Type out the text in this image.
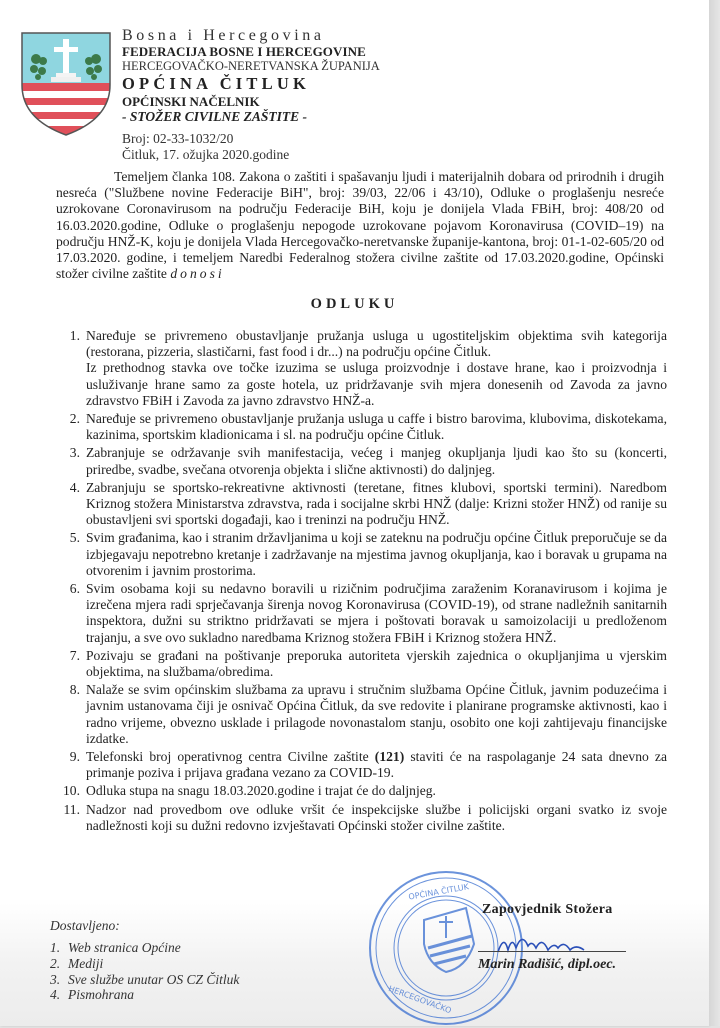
Bosna i Hercegovina
FEDERACIJA BOSNE I HERCEGOVINE
HERCEGOVAČKO-NERETVANSKA ŽUPANIJA
OPĆINA ČITLUK
OPĆINSKI NAČELNIK
- STOŽER CIVILNE ZAŠTITE -
Broj: 02-33-1032/20
Čitluk, 17. ožujka 2020.godine
Temeljem članka 108. Zakona o zaštiti i spašavanju ljudi i materijalnih dobara od prirodnih i drugih nesreća ("Službene novine Federacije BiH", broj: 39/03, 22/06 i 43/10), Odluke o proglašenju nesreće uzrokovane Coronavirusom na području Federacije BiH, koju je donijela Vlada FBiH, broj: 408/20 od 16.03.2020.godine, Odluke o proglašenju nepogode uzrokovane pojavom Koronavirusa (COVID–19) na području HNŽ-K, koju je donijela Vlada Hercegovačko-neretvanske županije-kantona, broj: 01-1-02-605/20 od 17.03.2020. godine, i temeljem Naredbi Federalnog stožera civilne zaštite od 17.03.2020.godine, Općinski stožer civilne zaštite donosi
ODLUKU
1. Naređuje se privremeno obustavljanje pružanja usluga u ugostiteljskim objektima svih kategorija (restorana, pizzeria, slastičarni, fast food i dr...) na području općine Čitluk.
Iz prethodnog stavka ove točke izuzima se usluga proizvodnje i dostave hrane, kao i proizvodnja i usluživanje hrane samo za goste hotela, uz pridržavanje svih mjera donesenih od Zavoda za javno zdravstvo FBiH i Zavoda za javno zdravstvo HNŽ-a.
2. Naređuje se privremeno obustavljanje pružanja usluga u caffe i bistro barovima, klubovima, diskotekama, kazinima, sportskim kladionicama i sl. na području općine Čitluk.
3. Zabranjuje se održavanje svih manifestacija, većeg i manjeg okupljanja ljudi kao što su (koncerti, priredbe, svadbe, svečana otvorenja objekta i slične aktivnosti) do daljnjeg.
4. Zabranjuju se sportsko-rekreativne aktivnosti (teretane, fitnes klubovi, sportski termini). Naredbom Kriznog stožera Ministarstva zdravstva, rada i socijalne skrbi HNŽ (dalje: Krizni stožer HNŽ) od ranije su obustavljeni svi sportski događaji, kao i treninzi na području HNŽ.
5. Svim građanima, kao i stranim državljanima u koji se zateknu na području općine Čitluk preporučuje se da izbjegavaju nepotrebno kretanje i zadržavanje na mjestima javnog okupljanja, kao i boravak u grupama na otvorenim i javnim prostorima.
6. Svim osobama koji su nedavno boravili u rizičnim područjima zaraženim Koranavirusom i kojima je izrečena mjera radi sprječavanja širenja novog Koronavirusa (COVID-19), od strane nadležnih sanitarnih inspektora, dužni su striktno pridržavati se mjera i poštovati boravak u samoizolaciji u predloženom trajanju, a sve ovo sukladno naredbama Kriznog stožera FBiH i Kriznog stožera HNŽ.
7. Pozivaju se građani na poštivanje preporuka autoriteta vjerskih zajednica o okupljanjima u vjerskim objektima, na službama/obredima.
8. Nalaže se svim općinskim službama za upravu i stručnim službama Općine Čitluk, javnim poduzećima i javnim ustanovama čiji je osnivač Općina Čitluk, da sve redovite i planirane programske aktivnosti, kao i radno vrijeme, obvezno usklade i prilagode novonastalom stanju, osobito one koji zahtijevaju financijske izdatke.
9. Telefonski broj operativnog centra Civilne zaštite (121) staviti će na raspolaganje 24 sata dnevno za primanje poziva i prijava građana vezano za COVID-19.
10. Odluka stupa na snagu 18.03.2020.godine i trajat će do daljnjeg.
11. Nadzor nad provedbom ove odluke vršit će inspekcijske službe i policijski organi svatko iz svoje nadležnosti koji su dužni redovno izvještavati Općinski stožer civilne zaštite.
HERCEGOVAČKO
OPĆINA ČITLUK
Zapovjednik Stožera
Marin Radišić, dipl.oec.
Dostavljeno:
1. Web stranica Općine
2. Mediji
3. Sve službe unutar OS CZ Čitluk
4. Pismohrana
